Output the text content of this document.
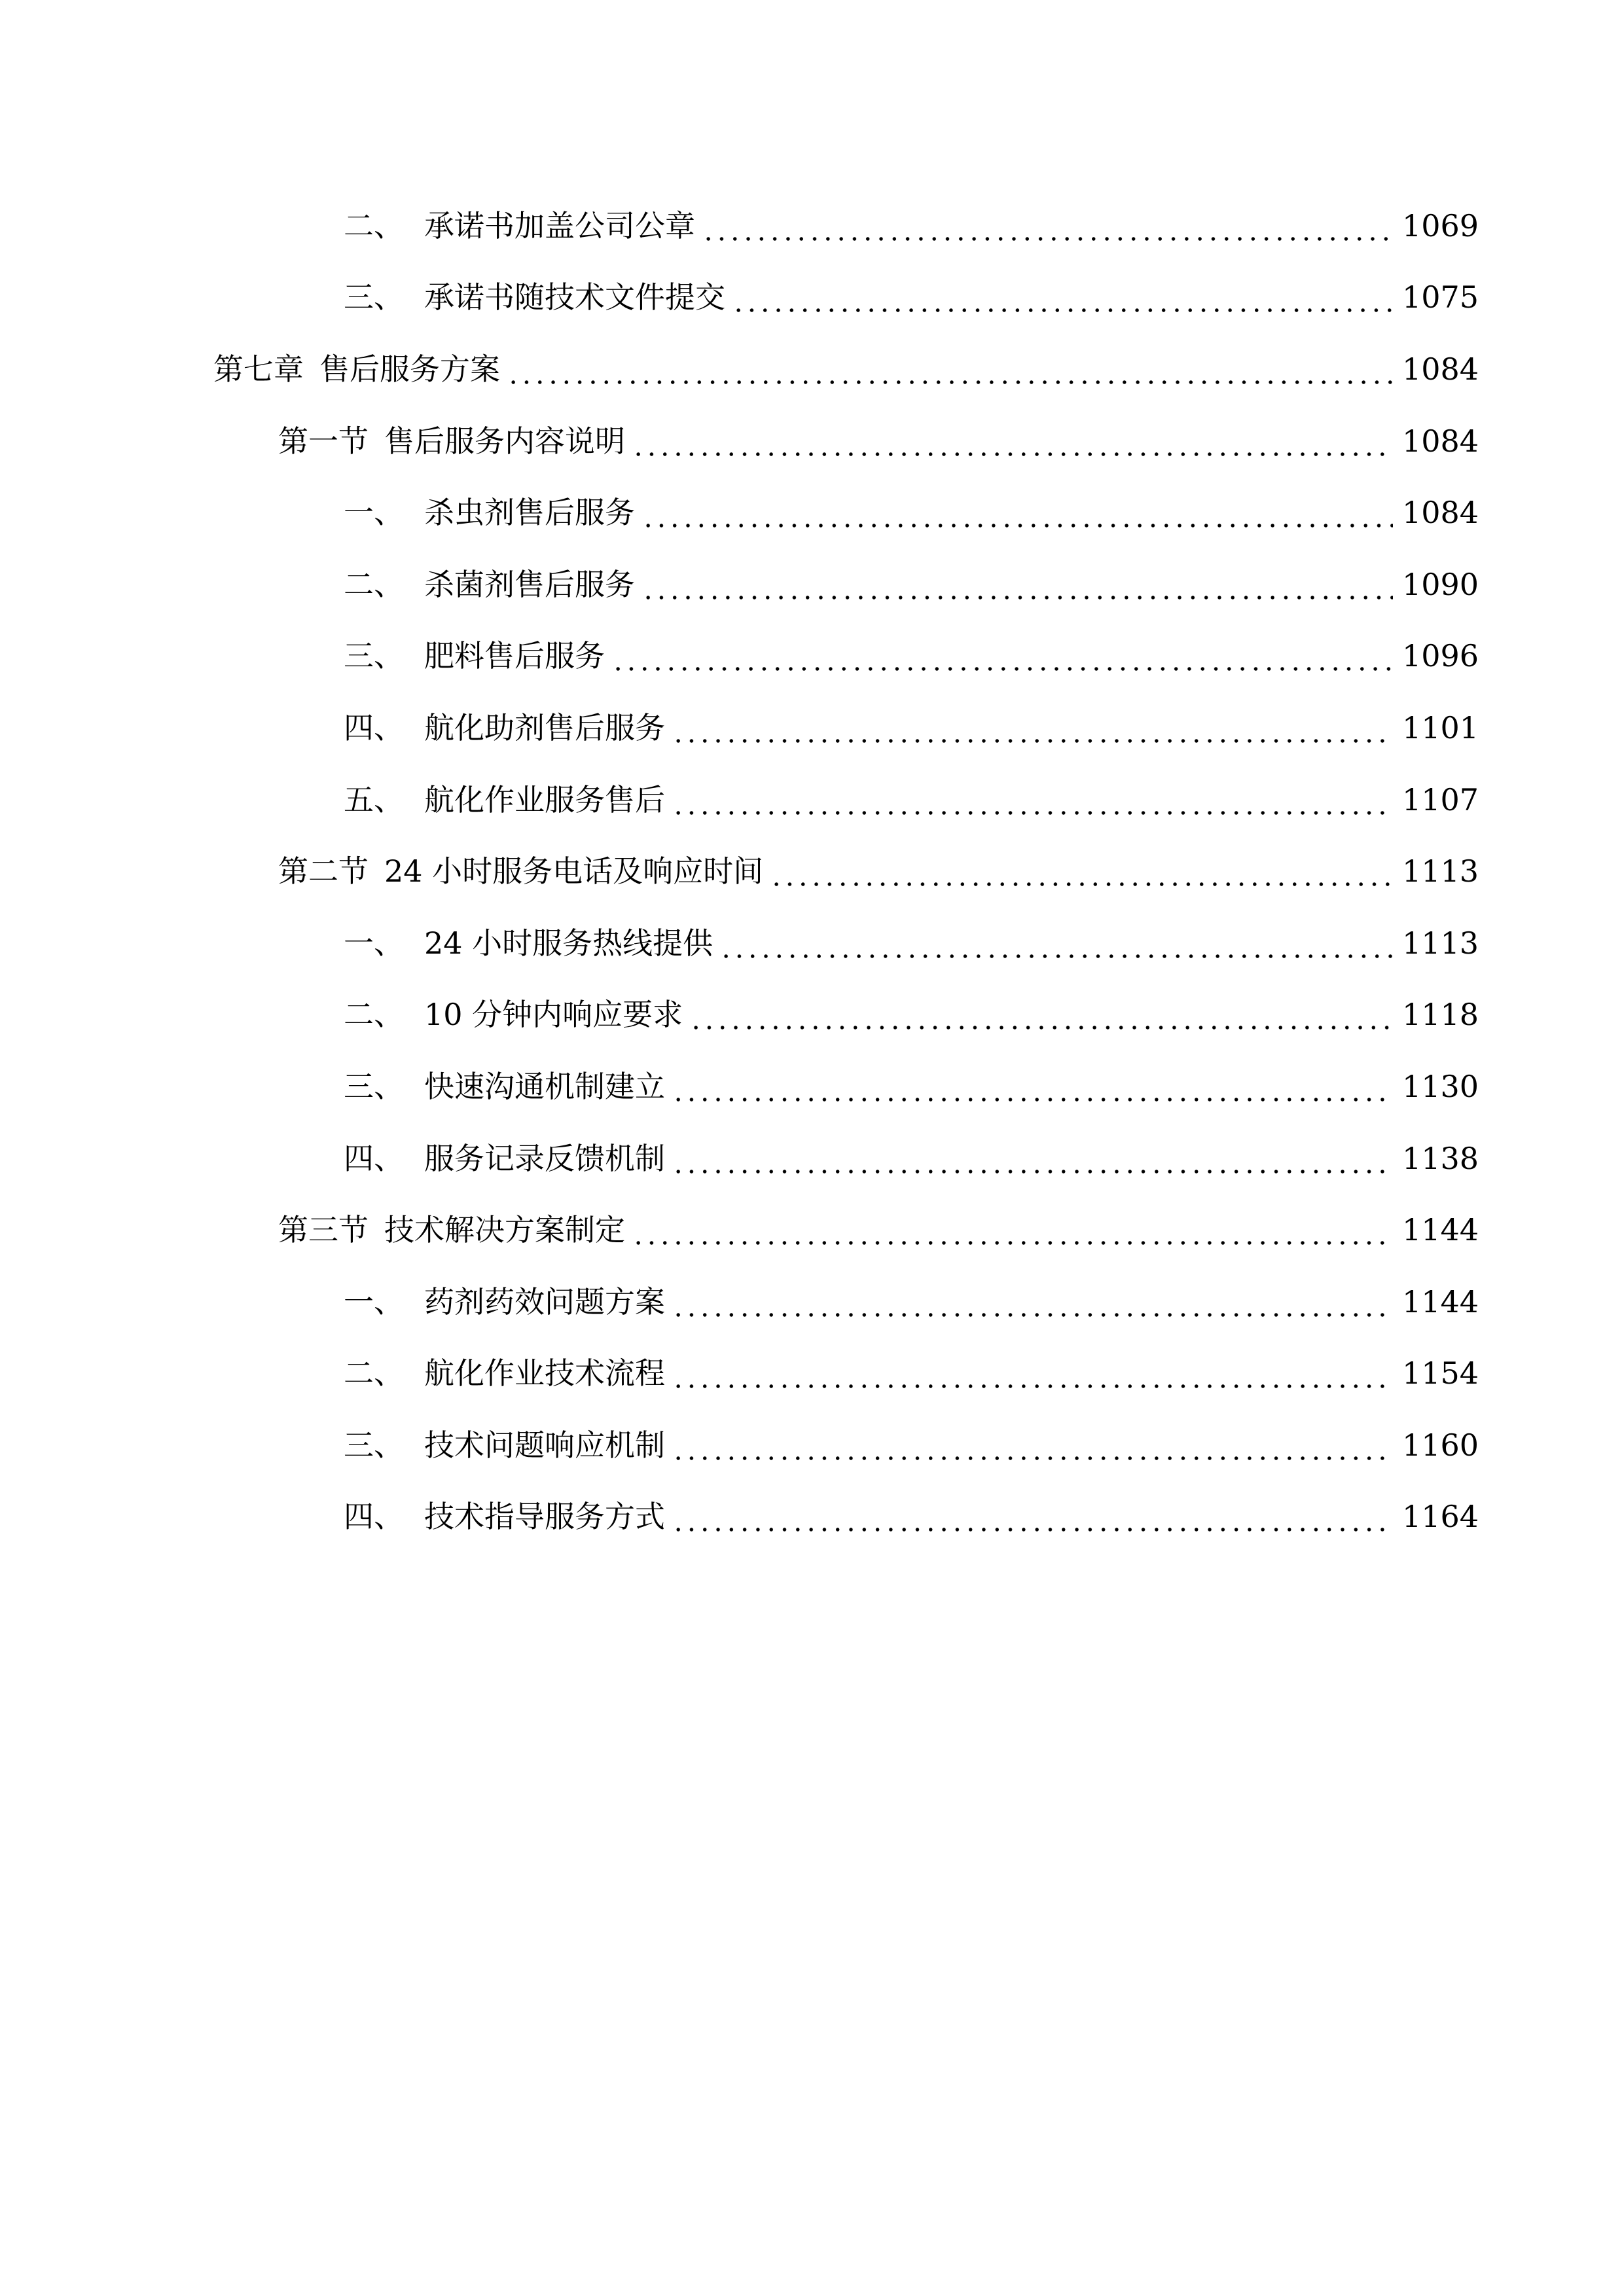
二、 承诺书加盖公司公章	1069
三、 承诺书随技术文件提交	1075
第七章 售后服务方案	1084
第一节 售后服务内容说明	1084
一、 杀虫剂售后服务	1084
二、 杀菌剂售后服务	1090
三、 肥料售后服务	1096
四、 航化助剂售后服务	1101
五、 航化作业服务售后	1107
第二节 24 小时服务电话及响应时间	1113
一、 24 小时服务热线提供	1113
二、 10 分钟内响应要求	1118
三、 快速沟通机制建立	1130
四、 服务记录反馈机制	1138
第三节 技术解决方案制定	1144
一、 药剂药效问题方案	1144
二、 航化作业技术流程	1154
三、 技术问题响应机制	1160
四、 技术指导服务方式	1164
